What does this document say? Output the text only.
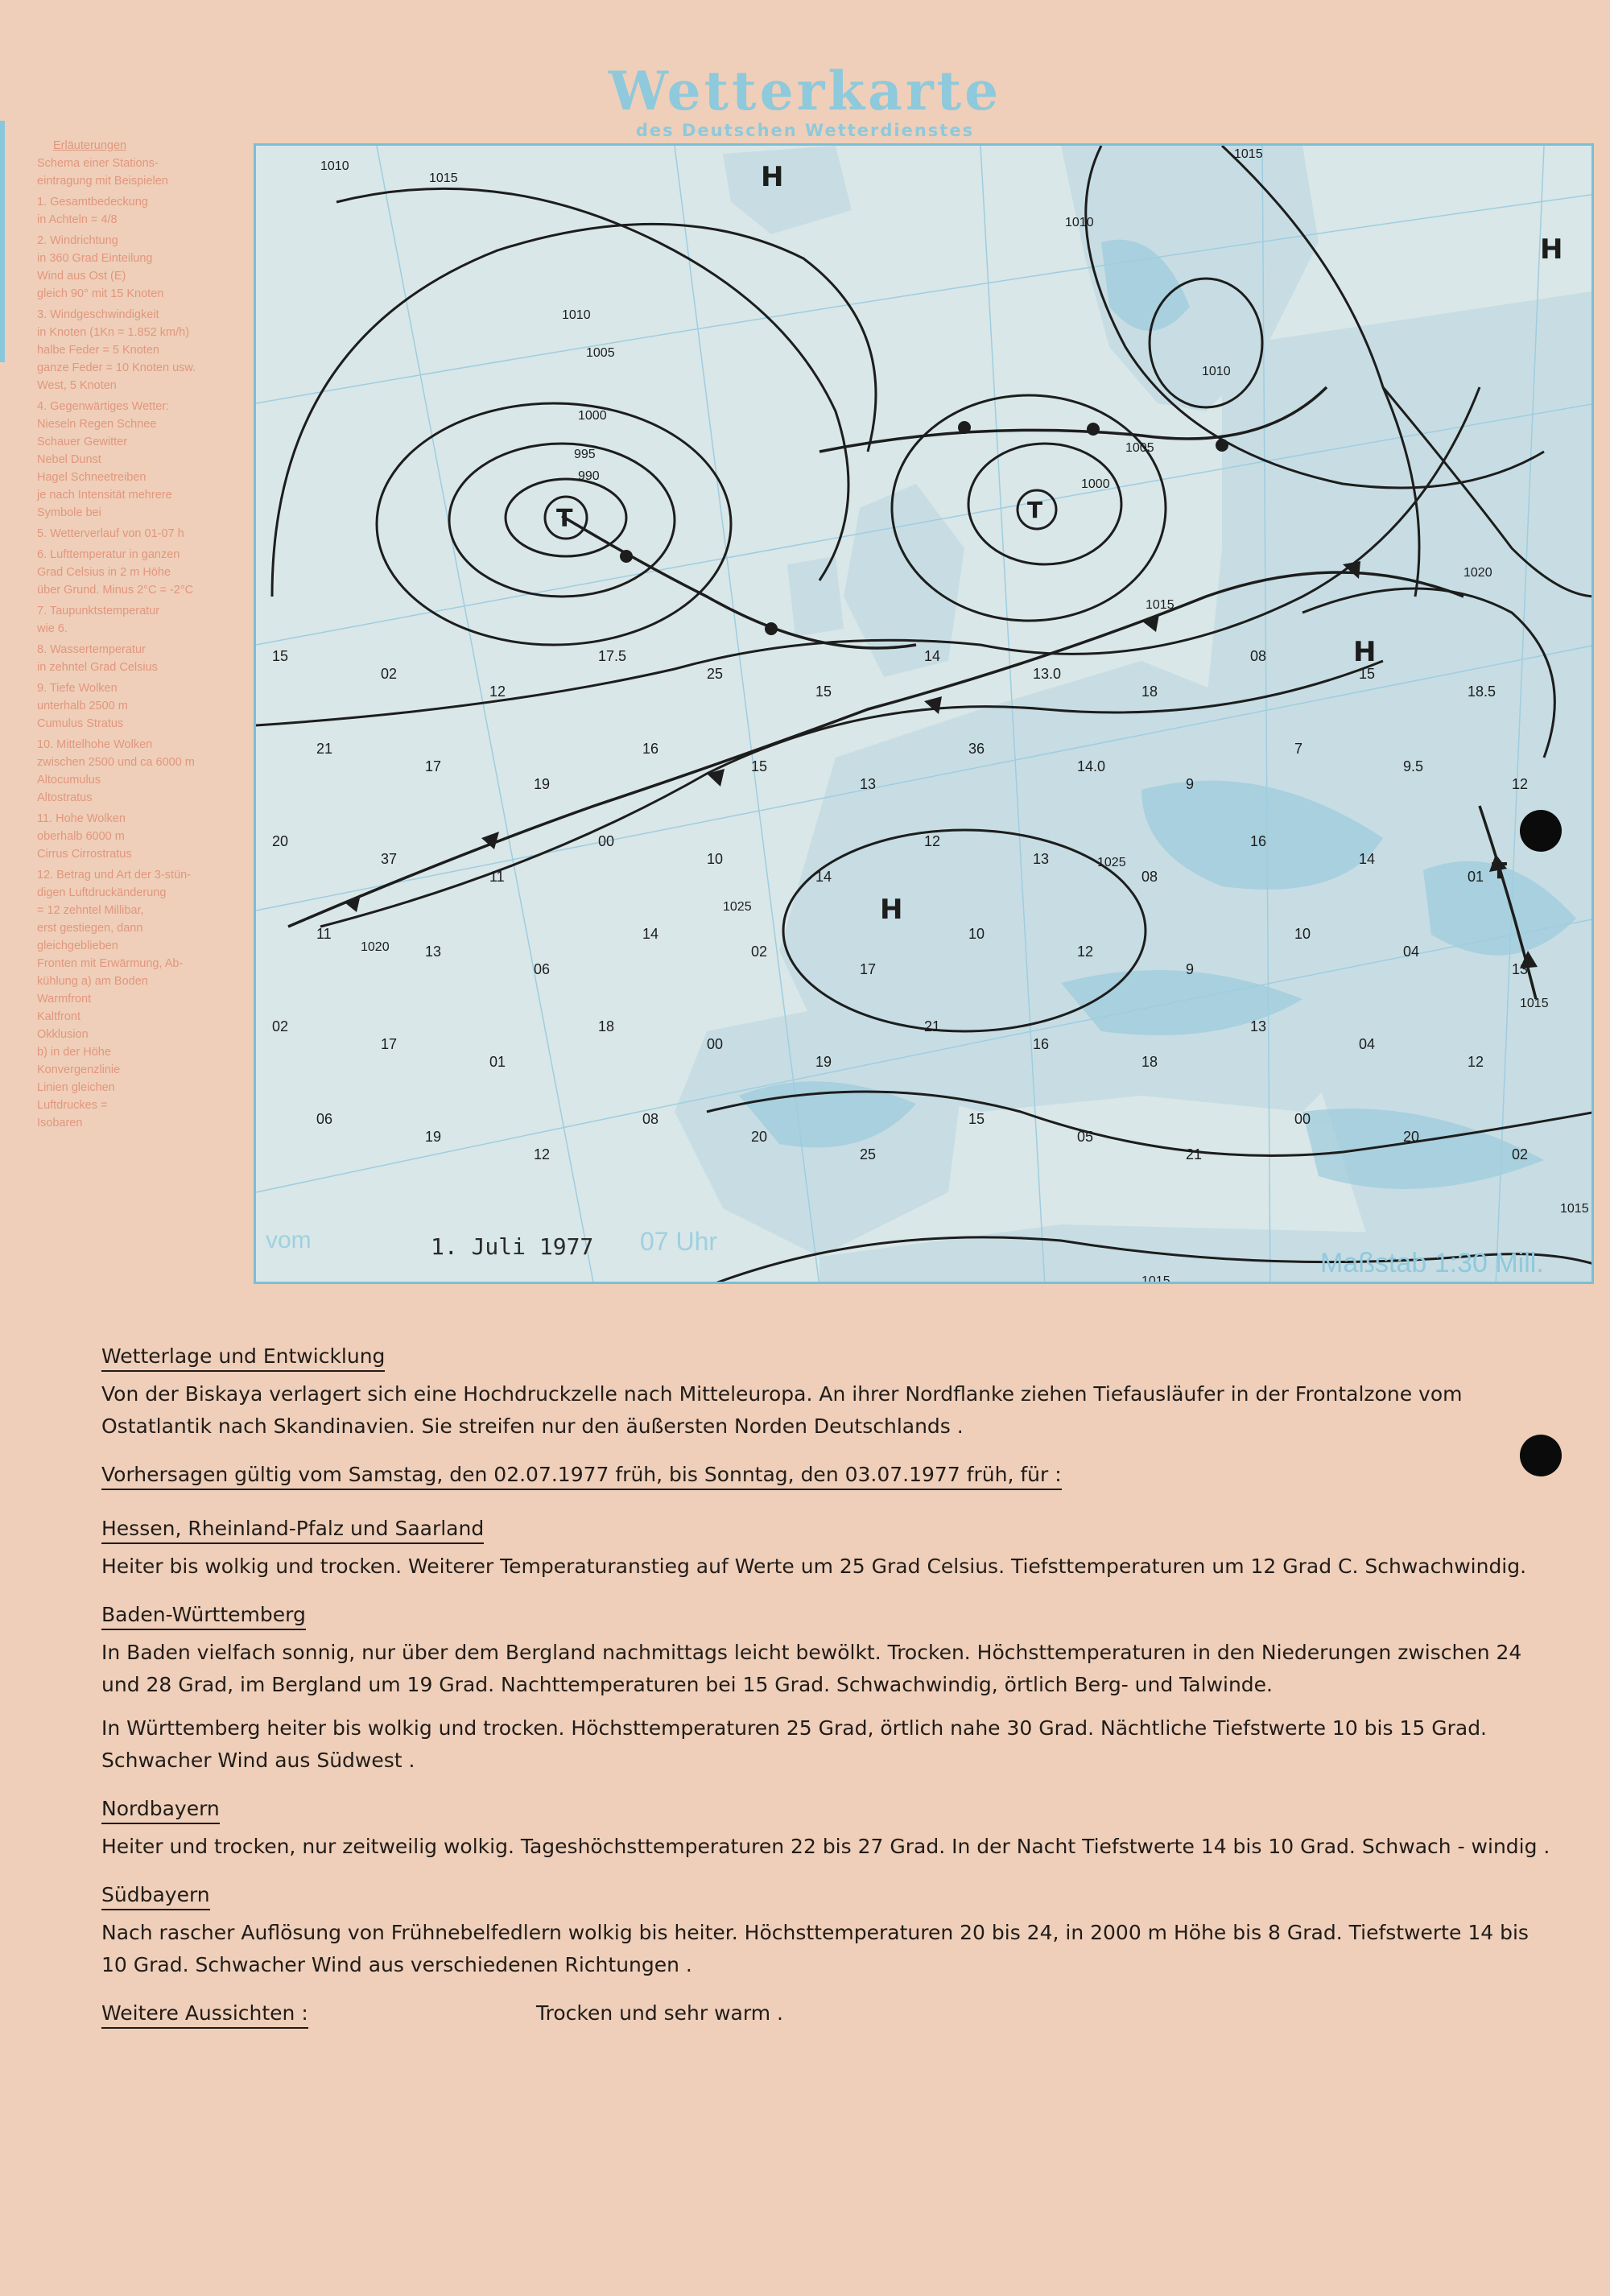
Wetterkarte
des Deutschen Wetterdienstes
Erläuterungen
Schema einer Stations-
eintragung mit Beispielen
1. Gesamtbedeckung
in Achteln = 4/8
2. Windrichtung
in 360 Grad Einteilung
Wind aus Ost (E)
gleich 90° mit 15 Knoten
3. Windgeschwindigkeit
in Knoten (1Kn = 1.852 km/h)
halbe Feder = 5 Knoten
ganze Feder = 10 Knoten usw.
West, 5 Knoten
4. Gegenwärtiges Wetter:
Nieseln Regen Schnee
Schauer Gewitter
Nebel Dunst
Hagel Schneetreiben
je nach Intensität mehrere
Symbole bei
5. Wetterverlauf von 01-07 h
6. Lufttemperatur in ganzen
Grad Celsius in 2 m Höhe
über Grund. Minus 2°C = -2°C
7. Taupunktstemperatur
wie 6.
8. Wassertemperatur
in zehntel Grad Celsius
9. Tiefe Wolken
unterhalb 2500 m
Cumulus Stratus
10. Mittelhohe Wolken
zwischen 2500 und ca 6000 m
Altocumulus
Altostratus
11. Hohe Wolken
oberhalb 6000 m
Cirrus Cirrostratus
12. Betrag und Art der 3-stün-
digen Luftdruckänderung
= 12 zehntel Millibar,
erst gestiegen, dann
gleichgeblieben
Fronten mit Erwärmung, Ab-
kühlung a) am Boden
Warmfront
Kaltfront
Okklusion
b) in der Höhe
Konvergenzlinie
Linien gleichen
Luftdruckes =
Isobaren
T	T
T
H
H
H
H
1010
1015
1010
1005
1000
995
990
1015
1025
1010
1005
1000
1010
1015
1020
1015
1025
1020
1015
1015
15
02
12
17.5
25
15
14
13.0
18
08
15
18.5
21
17
19
16
15
13
36
14.0
9
7
9.5
12
20
37
11
00
10
14
12
13
08
16
14
01
11
13
06
14
02
17
10
12
9
10
04
13
02
17
01
18
00
19
21
16
18
13
04
12
06
19
12
08
20
25
15
05
21
00
20
02
vom	1. Juli 1977 07 Uhr
Maßstab 1:30 Mill.
Wetterlage und Entwicklung
Von der Biskaya verlagert sich eine Hochdruckzelle nach Mitteleuropa. An ihrer Nordflanke ziehen Tiefausläufer in der Frontalzone vom Ostatlantik nach Skandinavien. Sie streifen nur den äußersten Norden Deutschlands .
Vorhersagen gültig vom Samstag, den 02.07.1977 früh, bis Sonntag, den 03.07.1977 früh, für :
Hessen, Rheinland-Pfalz und Saarland
Heiter bis wolkig und trocken. Weiterer Temperaturanstieg auf Werte um 25 Grad Celsius. Tiefsttemperaturen um 12 Grad C. Schwachwindig.
Baden-Württemberg
In Baden vielfach sonnig, nur über dem Bergland nachmittags leicht bewölkt. Trocken. Höchsttemperaturen in den Niederungen zwischen 24 und 28 Grad, im Bergland um 19 Grad. Nachttemperaturen bei 15 Grad. Schwachwindig, örtlich Berg- und Talwinde.
In Württemberg heiter bis wolkig und trocken. Höchsttemperaturen 25 Grad, örtlich nahe 30 Grad. Nächtliche Tiefstwerte 10 bis 15 Grad. Schwacher Wind aus Südwest .
Nordbayern
Heiter und trocken, nur zeitweilig wolkig. Tageshöchsttemperaturen 22 bis 27 Grad. In der Nacht Tiefstwerte 14 bis 10 Grad. Schwach - windig .
Südbayern
Nach rascher Auflösung von Frühnebelfedlern wolkig bis heiter. Höchsttemperaturen 20 bis 24, in 2000 m Höhe bis 8 Grad. Tiefstwerte 14 bis 10 Grad. Schwacher Wind aus verschiedenen Richtungen .
Weitere Aussichten :	Trocken und sehr warm .
